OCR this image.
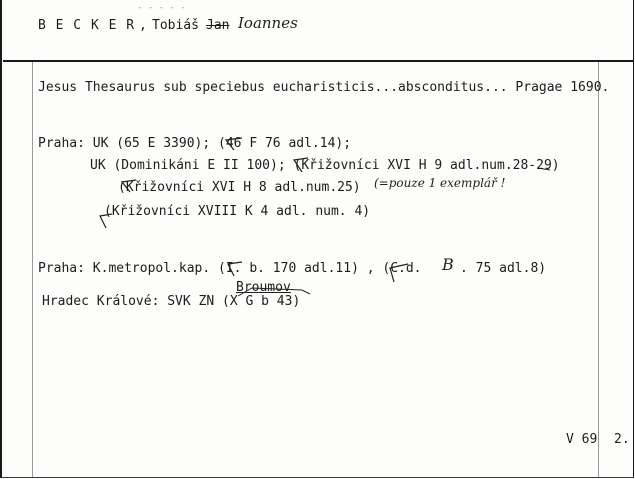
- - - - -
B E C K E R , Tobiáš Jan Ioannes
Jesus Thesaurus sub speciebus eucharisticis...absconditus... Pragae 1690.
Praha: UK (65 E 3390); (46 F 76 adl.14);
UK (Dominikáni E II 100); (Křižovníci XVI H 9 adl.num.28-29)
(Křižovníci XVI H 8 adl.num.25) (=pouze 1 exemplář !
(Křižovníci XVIII K 4 adl. num. 4)
Praha: K.metropol.kap. (I. b. 170 adl.11) , (C.d. B . 75 adl.8)
Broumov
Hradec Králové: SVK ZN (X G b 43)
V 69 2.
